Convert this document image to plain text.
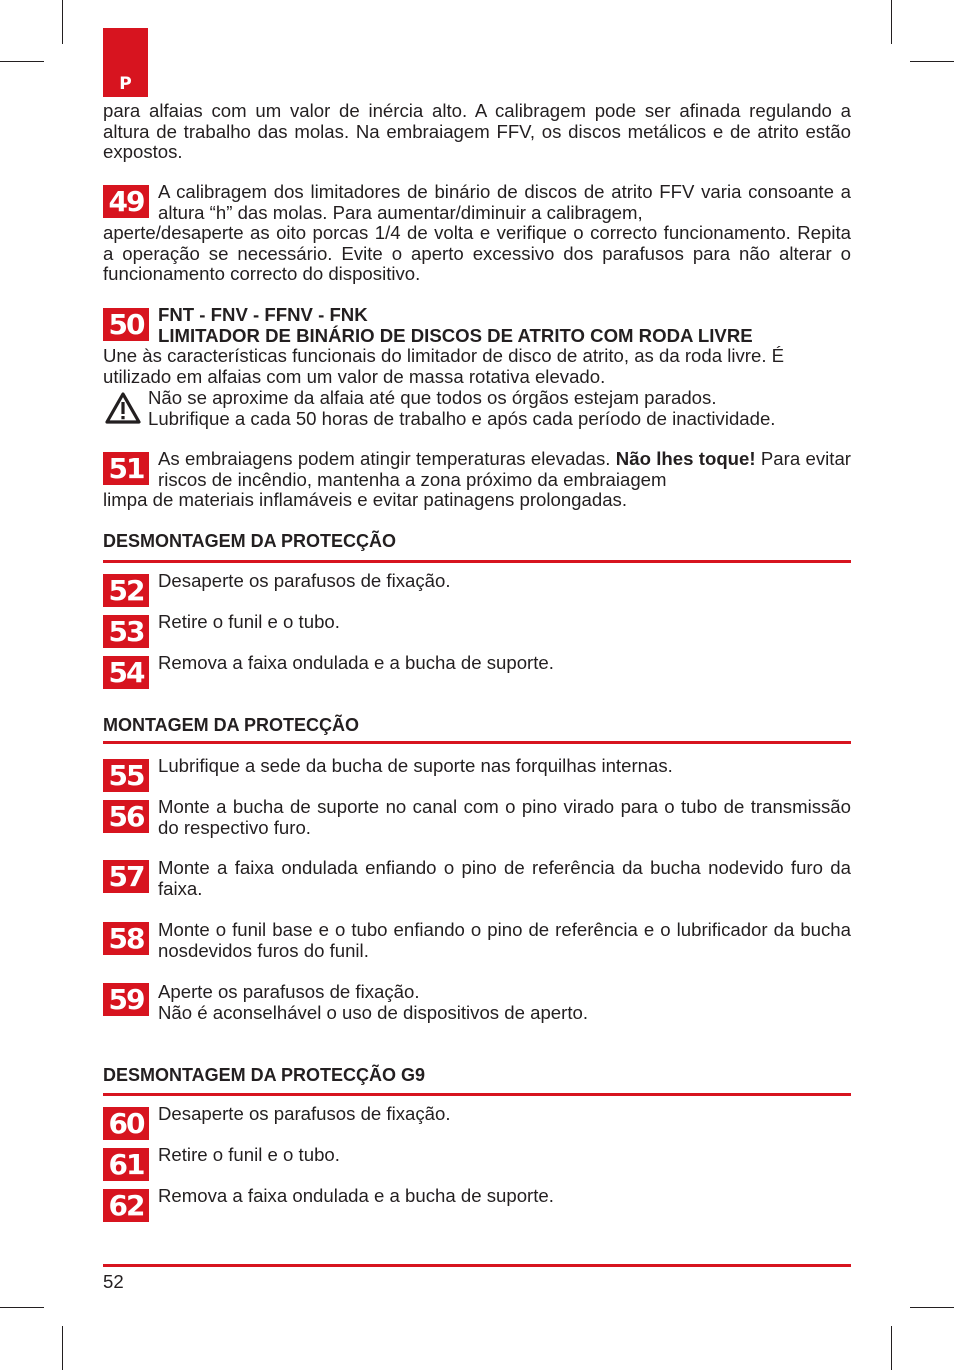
P
para alfaias com um valor de inércia alto. A calibragem pode ser afinada regulando a altura de trabalho das molas. Na embraiagem FFV, os discos metálicos e de atrito estão expostos.
49 A calibragem dos limitadores de binário de discos de atrito FFV varia consoante a altura “h” das molas. Para aumentar/diminuir a calibragem,
aperte/desaperte as oito porcas 1/4 de volta e verifique o correcto funcionamento. Repita a operação se necessário. Evite o aperto excessivo dos parafusos para não alterar o funcionamento correcto do dispositivo.
50 FNT - FNV - FFNV - FNK
LIMITADOR DE BINÁRIO DE DISCOS DE ATRITO COM RODA LIVRE
Une às características funcionais do limitador de disco de atrito, as da roda livre. É utilizado em alfaias com um valor de massa rotativa elevado.
Não se aproxime da alfaia até que todos os órgãos estejam parados.
Lubrifique a cada 50 horas de trabalho e após cada período de inactividade.
51 As embraiagens podem atingir temperaturas elevadas. Não lhes toque! Para evitar riscos de incêndio, mantenha a zona próximo da embraiagem
limpa de materiais inflamáveis e evitar patinagens prolongadas.
DESMONTAGEM DA PROTECÇÃO
52 Desaperte os parafusos de fixação.
53 Retire o funil e o tubo.
54 Remova a faixa ondulada e a bucha de suporte.
MONTAGEM DA PROTECÇÃO
55 Lubrifique a sede da bucha de suporte nas forquilhas internas.
56 Monte a bucha de suporte no canal com o pino virado para o tubo de transmissão do respectivo furo.
57 Monte a faixa ondulada enfiando o pino de referência da bucha nodevido furo da faixa.
58 Monte o funil base e o tubo enfiando o pino de referência e o lubrificador da bucha nosdevidos furos do funil.
59 Aperte os parafusos de fixação.
Não é aconselhável o uso de dispositivos de aperto.
DESMONTAGEM DA PROTECÇÃO G9
60 Desaperte os parafusos de fixação.
61 Retire o funil e o tubo.
62 Remova a faixa ondulada e a bucha de suporte.
52
